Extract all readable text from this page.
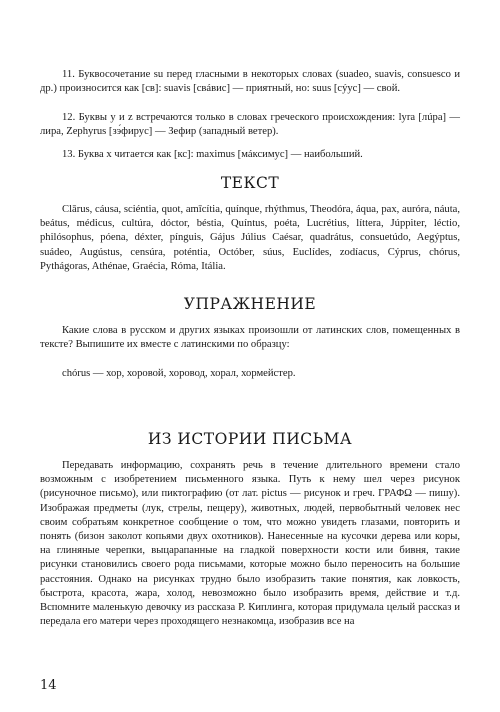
11. Буквосочетание su перед гласными в некоторых словах (suadeo, suavis, consuesco и др.) произносится как [св]: suavis [свáвис] — приятный, но: suus [сýус] — свой.
12. Буквы y и z встречаются только в словах греческого происхождения: lyra [лúра] — лира, Zephyrus [зэ́фирус] — Зефир (западный ветер).
13. Буква x читается как [кс]: maximus [мáксимус] — наибольший.
ТЕКСТ
Clārus, cáusa, sciéntia, quot, amīcítia, quínque, rhýthmus, Theodóra, áqua, pax, auróra, náuta, beátus, médicus, cultúra, dóctor, béstia, Quíntus, poéta, Lucrétius, líttera, Júppiter, léctio, philósophus, póena, déxter, pínguis, Gájus Július Caésar, quadrátus, consuetúdo, Aegýptus, suádeo, Augústus, censúra, poténtia, Octóber, súus, Euclídes, zodíacus, Cýprus, chórus, Pythágoras, Athénae, Graécia, Róma, Itália.
УПРАЖНЕНИЕ
Какие слова в русском и других языках произошли от латинских слов, помещенных в тексте? Выпишите их вместе с латинскими по образцу:
chórus — хор, хоровой, хоровод, хорал, хормейстер.
ИЗ ИСТОРИИ ПИСЬМА
Передавать информацию, сохранять речь в течение длительного времени стало возможным с изобретением письменного языка. Путь к нему шел через рисунок (рисуночное письмо), или пиктографию (от лат. pictus — рисунок и греч. ΓΡΑΦΩ — пишу). Изображая предметы (лук, стрелы, пещеру), животных, людей, первобытный человек нес своим собратьям конкретное сообщение о том, что можно увидеть глазами, повторить и понять (бизон заколот копьями двух охотников). Нанесенные на кусочки дерева или коры, на глиняные черепки, выцарапанные на гладкой поверхности кости или бивня, такие рисунки становились своего рода письмами, которые можно было переносить на большие расстояния. Однако на рисунках трудно было изобразить такие понятия, как ловкость, быстрота, красота, жара, холод, невозможно было изобразить время, действие и т.д. Вспомните маленькую девочку из рассказа Р. Киплинга, которая придумала целый рассказ и передала его матери через проходящего незнакомца, изобразив все на
14
